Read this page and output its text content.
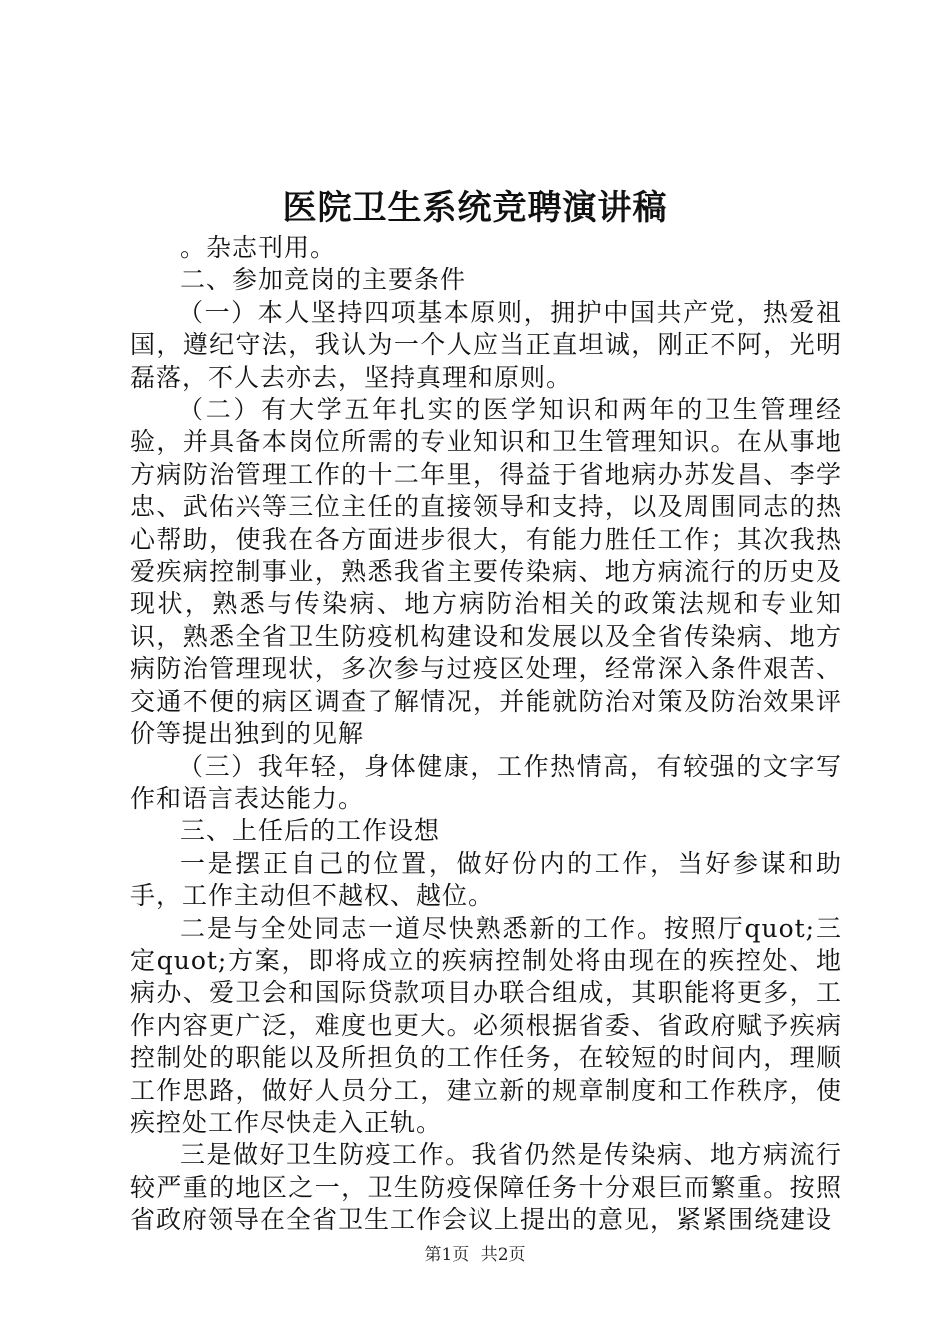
医院卫生系统竞聘演讲稿

。杂志刊用。

二、参加竞岗的主要条件

（一）本人坚持四项基本原则，拥护中国共产党，热爱祖国，遵纪守法，我认为一个人应当正直坦诚，刚正不阿，光明磊落，不人去亦去，坚持真理和原则。

（二）有大学五年扎实的医学知识和两年的卫生管理经验，并具备本岗位所需的专业知识和卫生管理知识。在从事地方病防治管理工作的十二年里，得益于省地病办苏发昌、李学忠、武佑兴等三位主任的直接领导和支持，以及周围同志的热心帮助，使我在各方面进步很大，有能力胜任工作；其次我热爱疾病控制事业，熟悉我省主要传染病、地方病流行的历史及现状，熟悉与传染病、地方病防治相关的政策法规和专业知识，熟悉全省卫生防疫机构建设和发展以及全省传染病、地方病防治管理现状，多次参与过疫区处理，经常深入条件艰苦、交通不便的病区调查了解情况，并能就防治对策及防治效果评价等提出独到的见解

（三）我年轻，身体健康，工作热情高，有较强的文字写作和语言表达能力。

三、上任后的工作设想

一是摆正自己的位置，做好份内的工作，当好参谋和助手，工作主动但不越权、越位。

二是与全处同志一道尽快熟悉新的工作。按照厅quot;三定quot;方案，即将成立的疾病控制处将由现在的疾控处、地病办、爱卫会和国际贷款项目办联合组成，其职能将更多，工作内容更广泛，难度也更大。必须根据省委、省政府赋予疾病控制处的职能以及所担负的工作任务，在较短的时间内，理顺工作思路，做好人员分工，建立新的规章制度和工作秩序，使疾控处工作尽快走入正轨。

三是做好卫生防疫工作。我省仍然是传染病、地方病流行较严重的地区之一，卫生防疫保障任务十分艰巨而繁重。按照省政府领导在全省卫生工作会议上提出的意见，紧紧围绕建设

第1页 共2页
